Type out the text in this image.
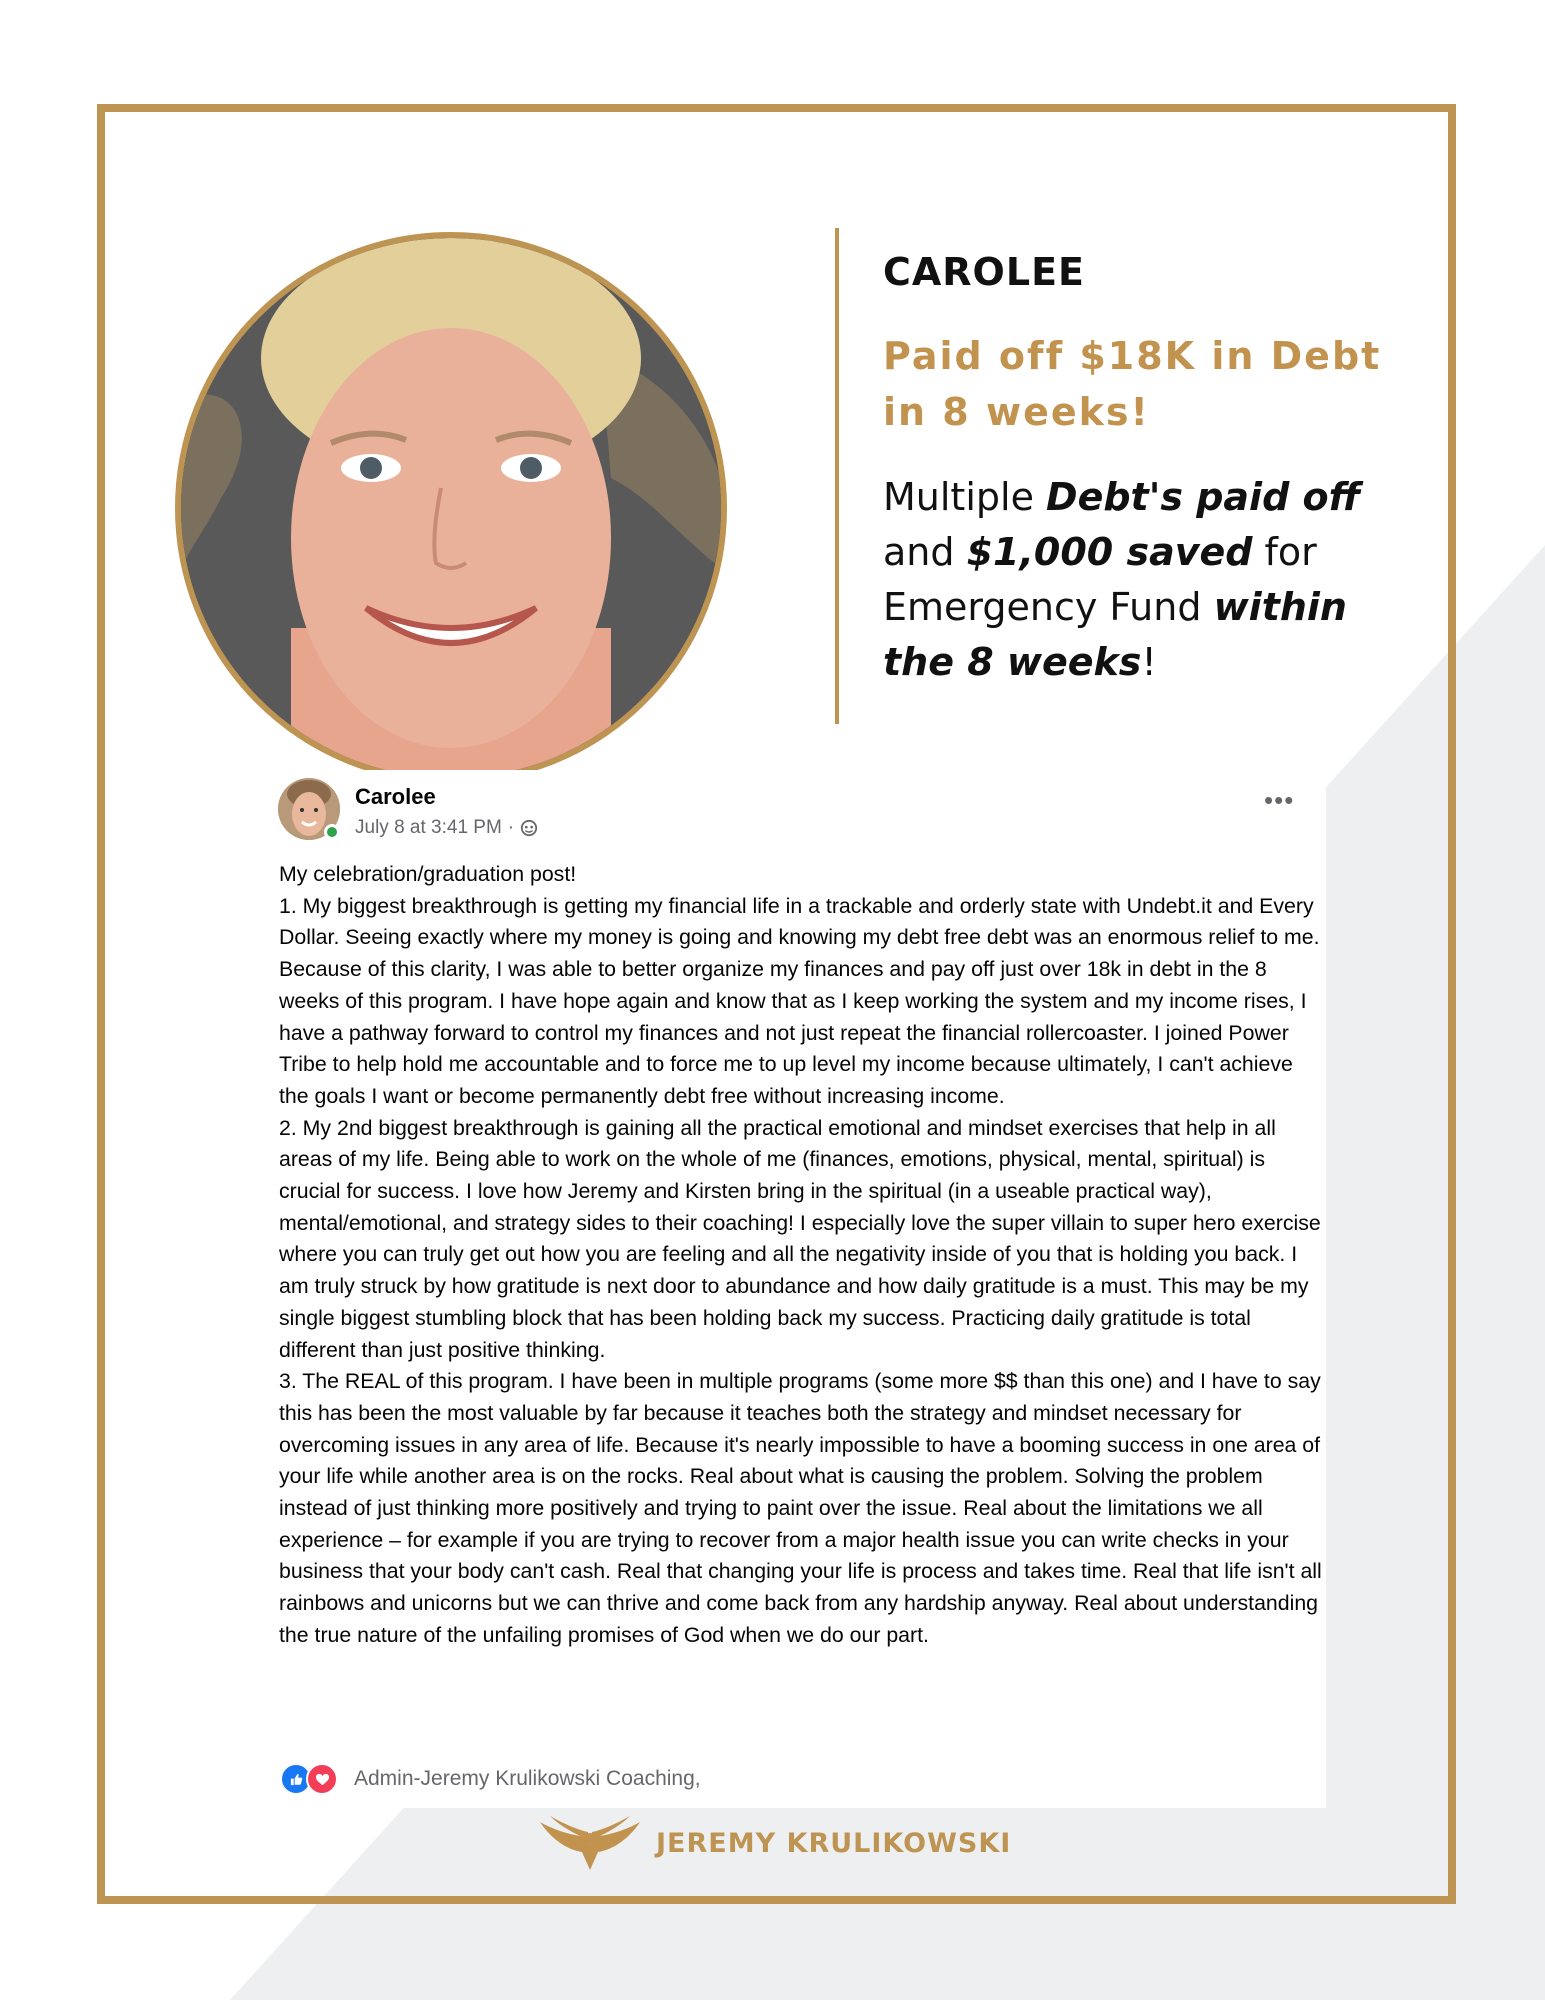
CAROLEE
Paid off $18K in Debt in 8 weeks!
Multiple Debt's paid off and $1,000 saved for Emergency Fund within the 8 weeks!
Carolee
July 8 at 3:41 PM ·
•••

My celebration/graduation post!

1. My biggest breakthrough is getting my financial life in a trackable and orderly state with Undebt.it and Every Dollar. Seeing exactly where my money is going and knowing my debt free debt was an enormous relief to me. Because of this clarity, I was able to better organize my finances and pay off just over 18k in debt in the 8 weeks of this program. I have hope again and know that as I keep working the system and my income rises, I have a pathway forward to control my finances and not just repeat the financial rollercoaster. I joined Power Tribe to help hold me accountable and to force me to up level my income because ultimately, I can't achieve the goals I want or become permanently debt free without increasing income.

2. My 2nd biggest breakthrough is gaining all the practical emotional and mindset exercises that help in all areas of my life. Being able to work on the whole of me (finances, emotions, physical, mental, spiritual) is crucial for success. I love how Jeremy and Kirsten bring in the spiritual (in a useable practical way), mental/emotional, and strategy sides to their coaching! I especially love the super villain to super hero exercise where you can truly get out how you are feeling and all the negativity inside of you that is holding you back. I am truly struck by how gratitude is next door to abundance and how daily gratitude is a must. This may be my single biggest stumbling block that has been holding back my success. Practicing daily gratitude is total different than just positive thinking.

3. The REAL of this program. I have been in multiple programs (some more $$ than this one) and I have to say this has been the most valuable by far because it teaches both the strategy and mindset necessary for overcoming issues in any area of life. Because it's nearly impossible to have a booming success in one area of your life while another area is on the rocks. Real about what is causing the problem. Solving the problem instead of just thinking more positively and trying to paint over the issue. Real about the limitations we all experience – for example if you are trying to recover from a major health issue you can write checks in your business that your body can't cash. Real that changing your life is process and takes time. Real that life isn't all rainbows and unicorns but we can thrive and come back from any hardship anyway. Real about understanding the true nature of the unfailing promises of God when we do our part.

Admin-Jeremy Krulikowski Coaching,
JEREMY KRULIKOWSKI
